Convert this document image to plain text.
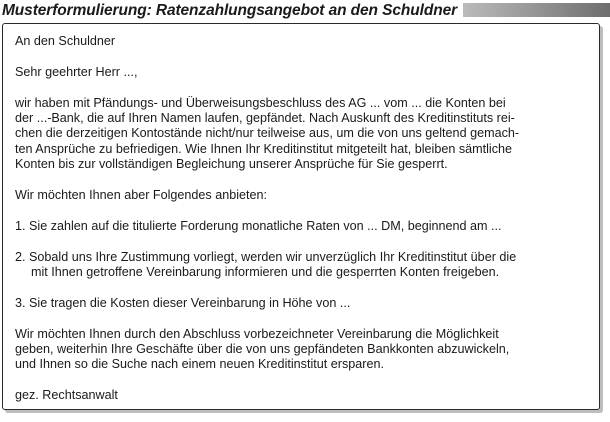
Musterformulierung: Ratenzahlungsangebot an den Schuldner

An den Schuldner

Sehr geehrter Herr ...,

wir haben mit Pfändungs- und Überweisungsbeschluss des AG ... vom ... die Konten bei
der ...-Bank, die auf Ihren Namen laufen, gepfändet. Nach Auskunft des Kreditinstituts rei-
chen die derzeitigen Kontostände nicht/nur teilweise aus, um die von uns geltend gemach-
ten Ansprüche zu befriedigen. Wie Ihnen Ihr Kreditinstitut mitgeteilt hat, bleiben sämtliche
Konten bis zur vollständigen Begleichung unserer Ansprüche für Sie gesperrt.

Wir möchten Ihnen aber Folgendes anbieten:

1. Sie zahlen auf die titulierte Forderung monatliche Raten von ... DM, beginnend am ...

2. Sobald uns Ihre Zustimmung vorliegt, werden wir unverzüglich Ihr Kreditinstitut über die
mit Ihnen getroffene Vereinbarung informieren und die gesperrten Konten freigeben.

3. Sie tragen die Kosten dieser Vereinbarung in Höhe von ...

Wir möchten Ihnen durch den Abschluss vorbezeichneter Vereinbarung die Möglichkeit
geben, weiterhin Ihre Geschäfte über die von uns gepfändeten Bankkonten abzuwickeln,
und Ihnen so die Suche nach einem neuen Kreditinstitut ersparen.

gez. Rechtsanwalt
